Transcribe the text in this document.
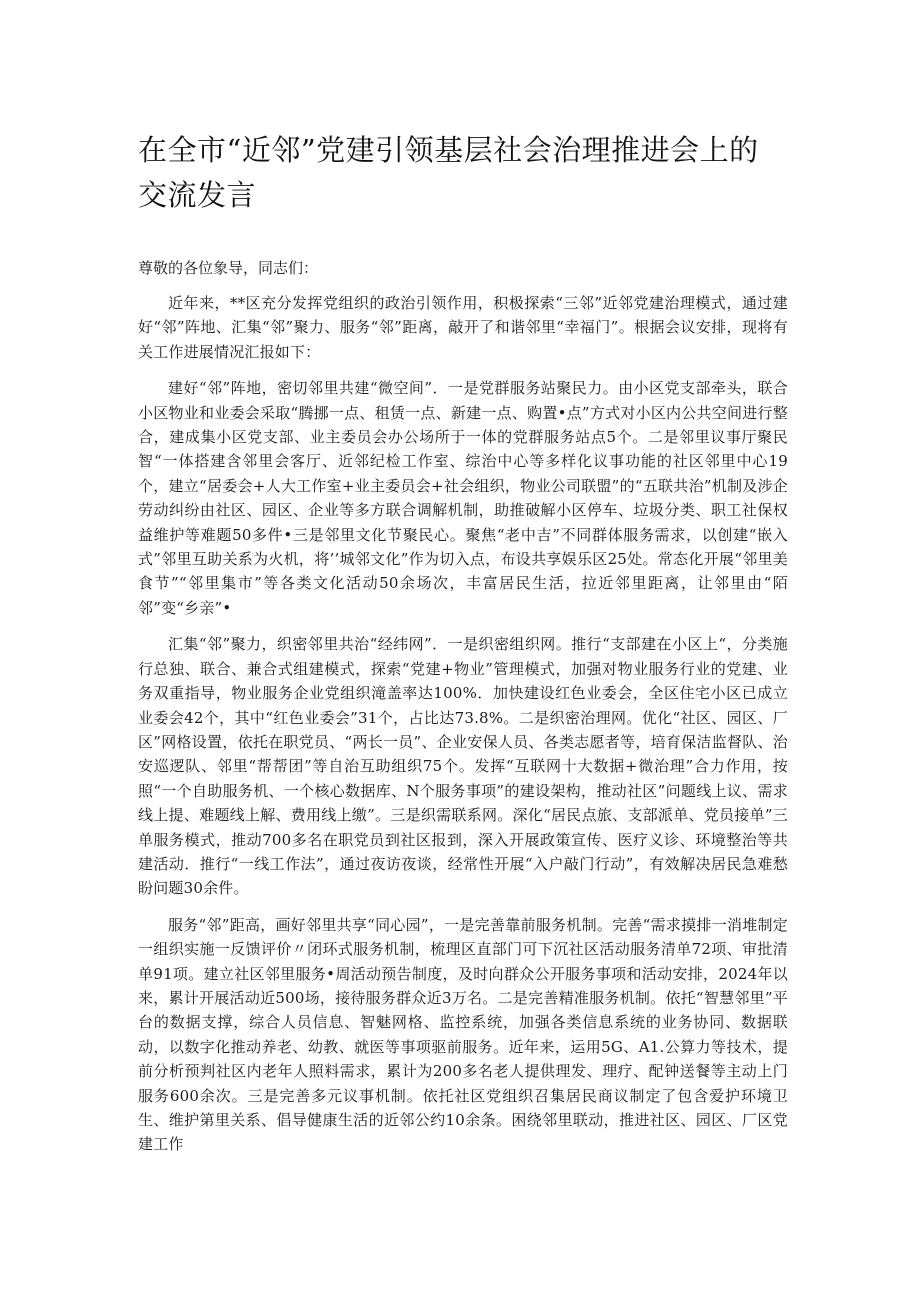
在全市“近邻”党建引领基层社会治理推进会上的交流发言

尊敬的各位象导，同志们：

近年来，**区充分发挥党组织的政治引领作用，积极探索“三邻”近邻党建治理模式，通过建好“邻”阵地、汇集“邻”聚力、服务“邻”距离，敲开了和谐邻里“幸福门”。根据会议安排，现将有关工作进展情况汇报如下：

建好“邻”阵地，密切邻里共建“微空间”．一是党群服务站聚民力。由小区党支部牵头，联合小区物业和业委会采取“腾挪一点、租赁一点、新建一点、购置•点”方式对小区内公共空间进行整合，建成集小区党支部、业主委员会办公场所于一体的党群服务站点5个。二是邻里议事厅聚民智“一体搭建含邻里会客厅、近邻纪检工作室、综治中心等多样化议事功能的社区邻里中心19个，建立“居委会+人大工作室+业主委员会+社会组织，物业公司联盟”的“五联共治”机制及涉企劳动纠纷由社区、园区、企业等多方联合调解机制，助推破解小区停车、垃圾分类、职工社保权益维护等难题50多件•三是邻里文化节聚民心。聚焦“老中吉”不同群体服务需求，以创建“嵌入式”邻里互助关系为火机，将’’城邻文化”作为切入点，布设共享娱乐区25处。常态化开展“邻里美食节”“邻里集市”等各类文化活动50余场次，丰富居民生活，拉近邻里距离，让邻里由“陌邻”变“乡亲”•

汇集“邻”聚力，织密邻里共治“经纬网”．一是织密组织网。推行“支部建在小区上“，分类施行总独、联合、兼合式组建模式，探索“党建+物业”管理模式，加强对物业服务行业的党建、业务双重指导，物业服务企业党组织滝盖率达100%．加快建设红色业委会，全区住宅小区已成立业委会42个，其中“红色业委会”31个，占比达73.8%。二是织密治理网。优化“社区、园区、厂区”网格设置，依托在职党员、“两长一员”、企业安保人员、各类志愿者等，培育保洁监督队、治安巡逻队、邻里“帮帮团”等自治互助组织75个。发挥“互联网十大数据+微治理”合力作用，按照“一个自助服务机、一个核心数据库、N个服务事项”的建设架构，推动社区”问题线上议、需求线上提、难题线上解、费用线上缴”。三是织需联系网。深化“居民点旅、支部派单、党员接单”三单服务模式，推动700多名在职党员到社区报到，深入开展政策宣传、医疗义诊、环境整治等共建活动．推行“一线工作法”，通过夜访夜谈，经常性开展“入户敲门行动”，有效解决居民急难愁盼问题30余件。

服务“邻”距高，画好邻里共享“同心园”，一是完善靠前服务机制。完善“需求摸排一消堆制定一组织实施一反馈评价〃闭环式服务机制，梳理区直部门可下沉社区活动服务清单72项、审批清单91项。建立社区邻里服务•周活动预告制度，及时向群众公开服务事项和活动安排，2024年以来，累计开展活动近500场，接待服务群众近3万名。二是完善精准服务机制。依托“智慧邻里”平台的数据支撑，综合人员信息、智魅网格、监控系统，加强各类信息系统的业务协同、数据联动，以数字化推动养老、幼教、就医等事项驱前服务。近年来，运用5G、A1.公算力等技术，提前分析预判社区内老年人照料需求，累计为200多名老人提供理发、理疗、配钟送餐等主动上门服务600余次。三是完善多元议事机制。依托社区党组织召集居民商议制定了包含爱护环境卫生、维护第里关系、倡导健康生活的近邻公约10余条。困绕邻里联动，推进社区、园区、厂区党建工作
